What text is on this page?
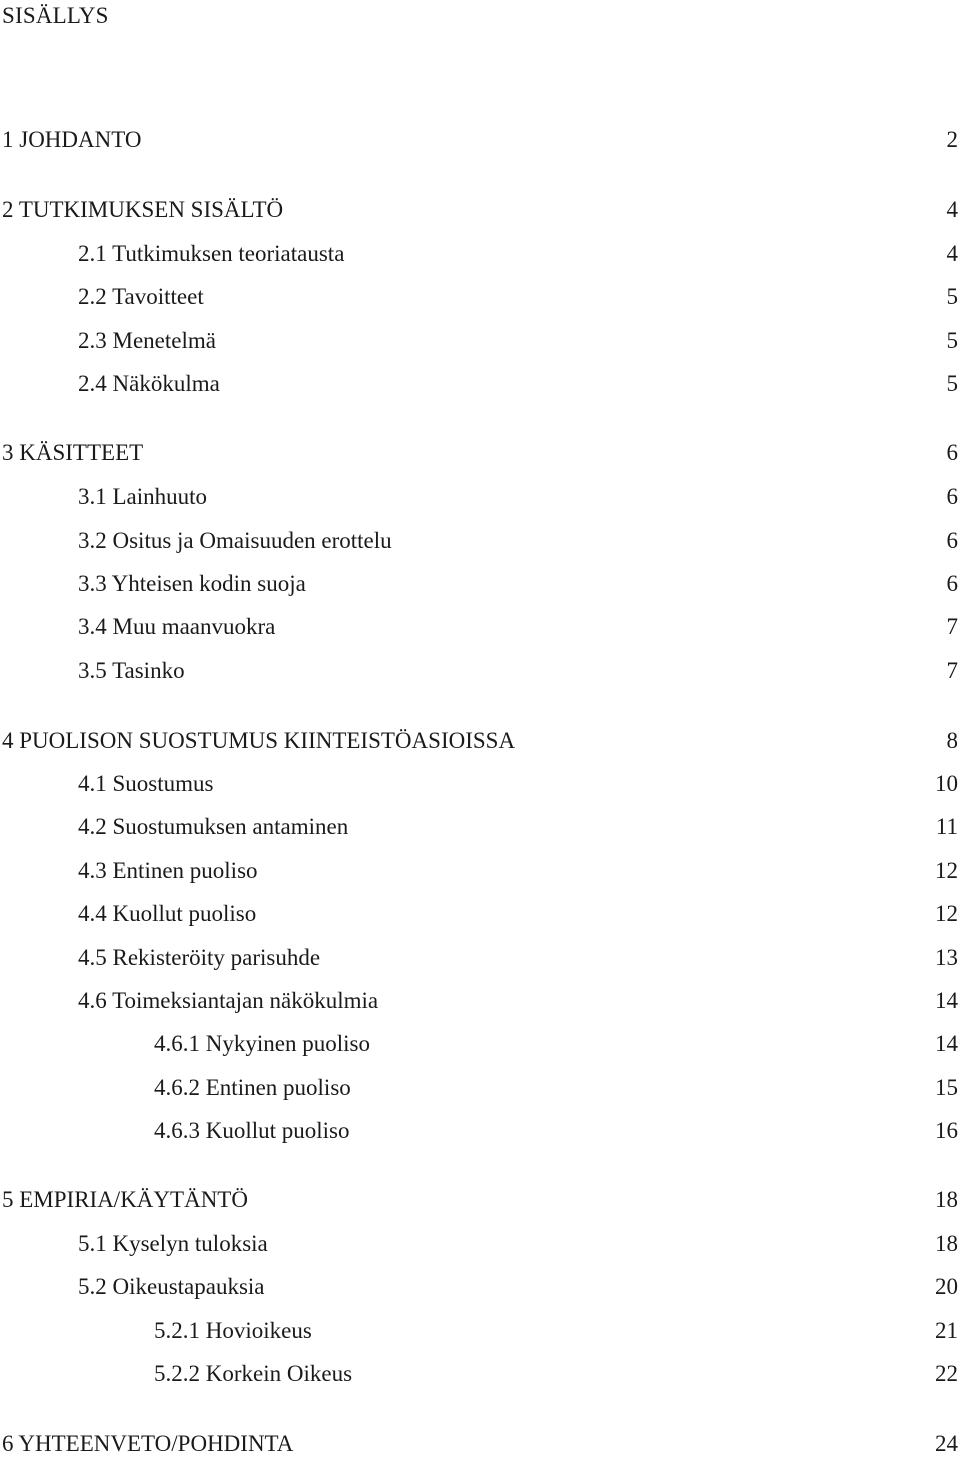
SISÄLLYS
1 JOHDANTO	2
2 TUTKIMUKSEN SISÄLTÖ	4
2.1 Tutkimuksen teoriatausta	4
2.2 Tavoitteet	5
2.3 Menetelmä	5
2.4 Näkökulma	5
3 KÄSITTEET	6
3.1 Lainhuuto	6
3.2 Ositus ja Omaisuuden erottelu	6
3.3 Yhteisen kodin suoja	6
3.4 Muu maanvuokra	7
3.5 Tasinko	7
4 PUOLISON SUOSTUMUS KIINTEISTÖASIOISSA	8
4.1 Suostumus	10
4.2 Suostumuksen antaminen	11
4.3 Entinen puoliso	12
4.4 Kuollut puoliso	12
4.5 Rekisteröity parisuhde	13
4.6 Toimeksiantajan näkökulmia	14
4.6.1 Nykyinen puoliso	14
4.6.2 Entinen puoliso	15
4.6.3 Kuollut puoliso	16
5 EMPIRIA/KÄYTÄNTÖ	18
5.1 Kyselyn tuloksia	18
5.2 Oikeustapauksia	20
5.2.1 Hovioikeus	21
5.2.2 Korkein Oikeus	22
6 YHTEENVETO/POHDINTA	24
